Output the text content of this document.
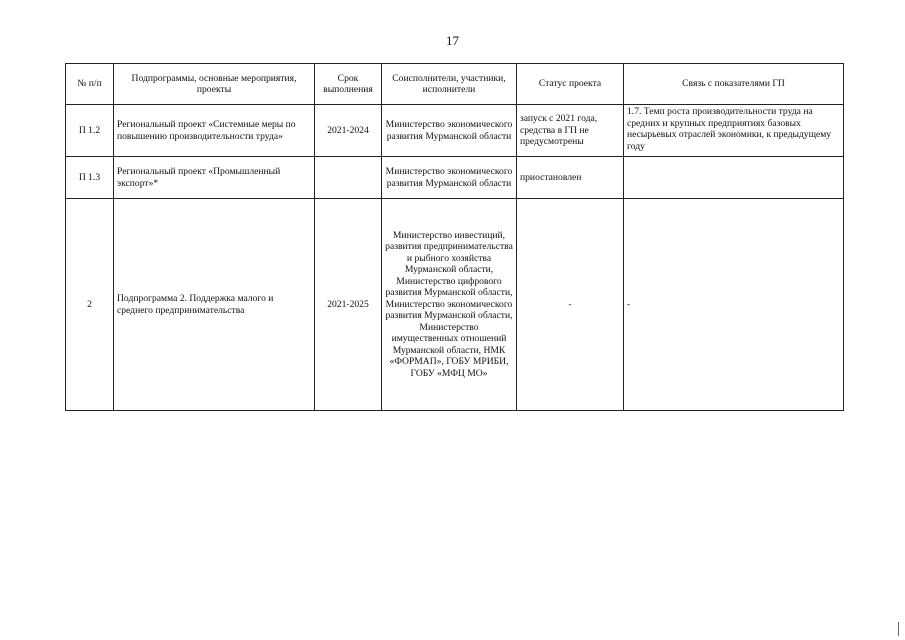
17
№ п/п	Подпрограммы, основные мероприятия, проекты	Срок выполнения	Соисполнители, участники, исполнители	Статус проекта	Связь с показателями ГП
П 1.2	Региональный проект «Системные меры по повышению производительности труда»	2021-2024	Министерство экономического развития Мурманской области	запуск с 2021 года, средства в ГП не предусмотрены	1.7. Темп роста производительности труда на средних и крупных предприятиях базовых несырьевых отраслей экономики, к предыдущему году
П 1.3	Региональный проект «Промышленный экспорт»*		Министерство экономического развития Мурманской области	приостановлен	
2	Подпрограмма 2. Поддержка малого и среднего предпринимательства	2021-2025	Министерство инвестиций, развития предпринимательства и рыбного хозяйства Мурманской области, Министерство цифрового развития Мурманской области, Министерство экономического развития Мурманской области, Министерство имущественных отношений Мурманской области, НМК «ФОРМАП», ГОБУ МРИБИ, ГОБУ «МФЦ МО»	-	-
